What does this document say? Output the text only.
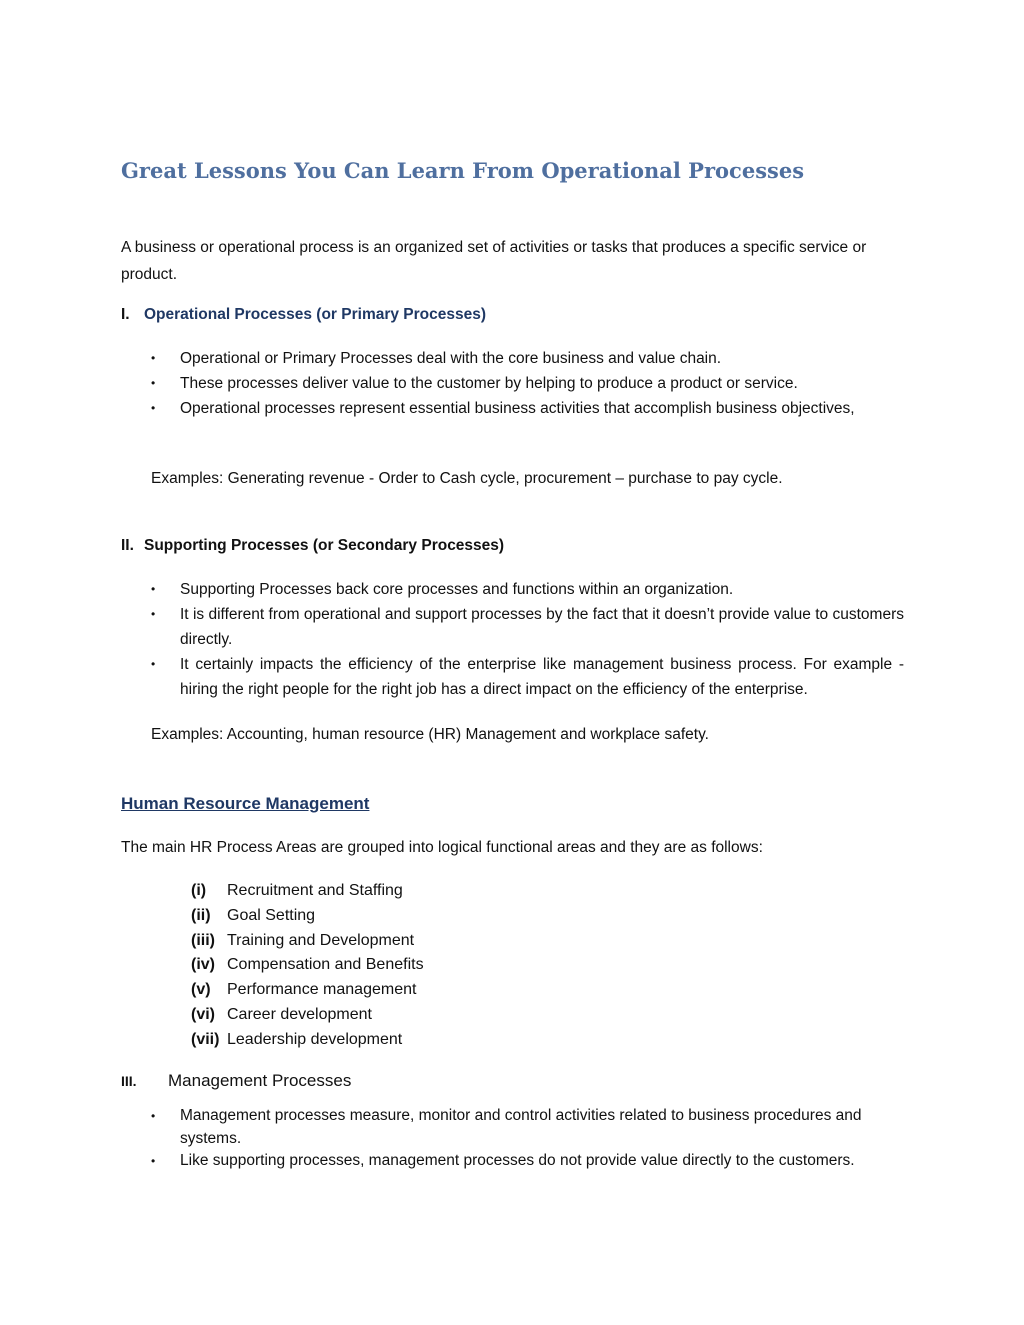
Great Lessons You Can Learn From Operational Processes

A business or operational process is an organized set of activities or tasks that produces a specific service or product.

I. Operational Processes (or Primary Processes)
• Operational or Primary Processes deal with the core business and value chain.
• These processes deliver value to the customer by helping to produce a product or service.
• Operational processes represent essential business activities that accomplish business objectives,

Examples: Generating revenue - Order to Cash cycle, procurement – purchase to pay cycle.

II. Supporting Processes (or Secondary Processes)
• Supporting Processes back core processes and functions within an organization.
• It is different from operational and support processes by the fact that it doesn’t provide value to customers directly.
• It certainly impacts the efficiency of the enterprise like management business process. For example - hiring the right people for the right job has a direct impact on the efficiency of the enterprise.

Examples: Accounting, human resource (HR) Management and workplace safety.

Human Resource Management

The main HR Process Areas are grouped into logical functional areas and they are as follows:

(i) Recruitment and Staffing
(ii) Goal Setting
(iii) Training and Development
(iv) Compensation and Benefits
(v) Performance management
(vi) Career development
(vii) Leadership development
III. Management Processes
• Management processes measure, monitor and control activities related to business procedures and systems.
• Like supporting processes, management processes do not provide value directly to the customers.
